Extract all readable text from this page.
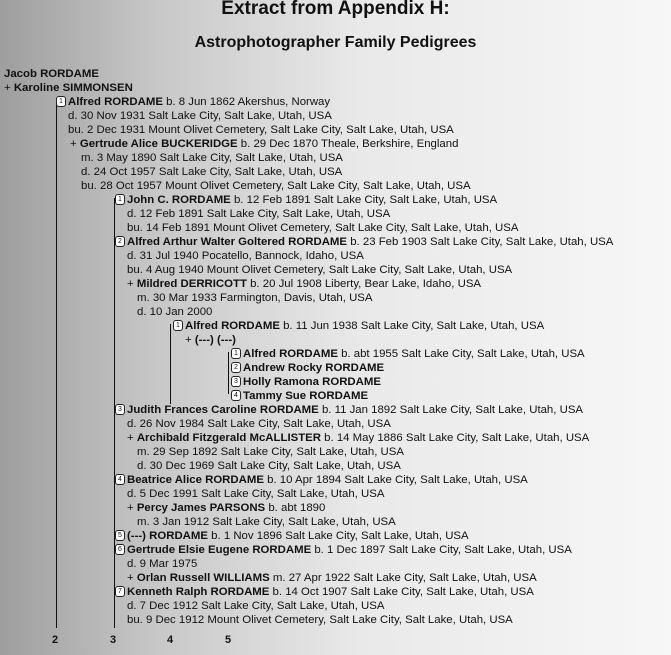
Extract from Appendix H:
Astrophotographer Family Pedigrees
Jacob RORDAME
+ Karoline SIMMONSEN
1 Alfred RORDAME b. 8 Jun 1862 Akershus, Norway
d. 30 Nov 1931 Salt Lake City, Salt Lake, Utah, USA
bu. 2 Dec 1931 Mount Olivet Cemetery, Salt Lake City, Salt Lake, Utah, USA
+ Gertrude Alice BUCKERIDGE b. 29 Dec 1870 Theale, Berkshire, England
m. 3 May 1890 Salt Lake City, Salt Lake, Utah, USA
d. 24 Oct 1957 Salt Lake City, Salt Lake, Utah, USA
bu. 28 Oct 1957 Mount Olivet Cemetery, Salt Lake City, Salt Lake, Utah, USA
1 John C. RORDAME b. 12 Feb 1891 Salt Lake City, Salt Lake, Utah, USA
d. 12 Feb 1891 Salt Lake City, Salt Lake, Utah, USA
bu. 14 Feb 1891 Mount Olivet Cemetery, Salt Lake City, Salt Lake, Utah, USA
2 Alfred Arthur Walter Goltered RORDAME b. 23 Feb 1903 Salt Lake City, Salt Lake, Utah, USA
d. 31 Jul 1940 Pocatello, Bannock, Idaho, USA
bu. 4 Aug 1940 Mount Olivet Cemetery, Salt Lake City, Salt Lake, Utah, USA
+ Mildred DERRICOTT b. 20 Jul 1908 Liberty, Bear Lake, Idaho, USA
m. 30 Mar 1933 Farmington, Davis, Utah, USA
d. 10 Jan 2000
1 Alfred RORDAME b. 11 Jun 1938 Salt Lake City, Salt Lake, Utah, USA
+ (---) (---)
1 Alfred RORDAME b. abt 1955 Salt Lake City, Salt Lake, Utah, USA
2 Andrew Rocky RORDAME
3 Holly Ramona RORDAME
4 Tammy Sue RORDAME
3 Judith Frances Caroline RORDAME b. 11 Jan 1892 Salt Lake City, Salt Lake, Utah, USA
d. 26 Nov 1984 Salt Lake City, Salt Lake, Utah, USA
+ Archibald Fitzgerald McALLISTER b. 14 May 1886 Salt Lake City, Salt Lake, Utah, USA
m. 29 Sep 1892 Salt Lake City, Salt Lake, Utah, USA
d. 30 Dec 1969 Salt Lake City, Salt Lake, Utah, USA
4 Beatrice Alice RORDAME b. 10 Apr 1894 Salt Lake City, Salt Lake, Utah, USA
d. 5 Dec 1991 Salt Lake City, Salt Lake, Utah, USA
+ Percy James PARSONS b. abt 1890
m. 3 Jan 1912 Salt Lake City, Salt Lake, Utah, USA
5 (---) RORDAME b. 1 Nov 1896 Salt Lake City, Salt Lake, Utah, USA
6 Gertrude Elsie Eugene RORDAME b. 1 Dec 1897 Salt Lake City, Salt Lake, Utah, USA
d. 9 Mar 1975
+ Orlan Russell WILLIAMS m. 27 Apr 1922 Salt Lake City, Salt Lake, Utah, USA
7 Kenneth Ralph RORDAME b. 14 Oct 1907 Salt Lake City, Salt Lake, Utah, USA
d. 7 Dec 1912 Salt Lake City, Salt Lake, Utah, USA
bu. 9 Dec 1912 Mount Olivet Cemetery, Salt Lake City, Salt Lake, Utah, USA
2	3	4	5
